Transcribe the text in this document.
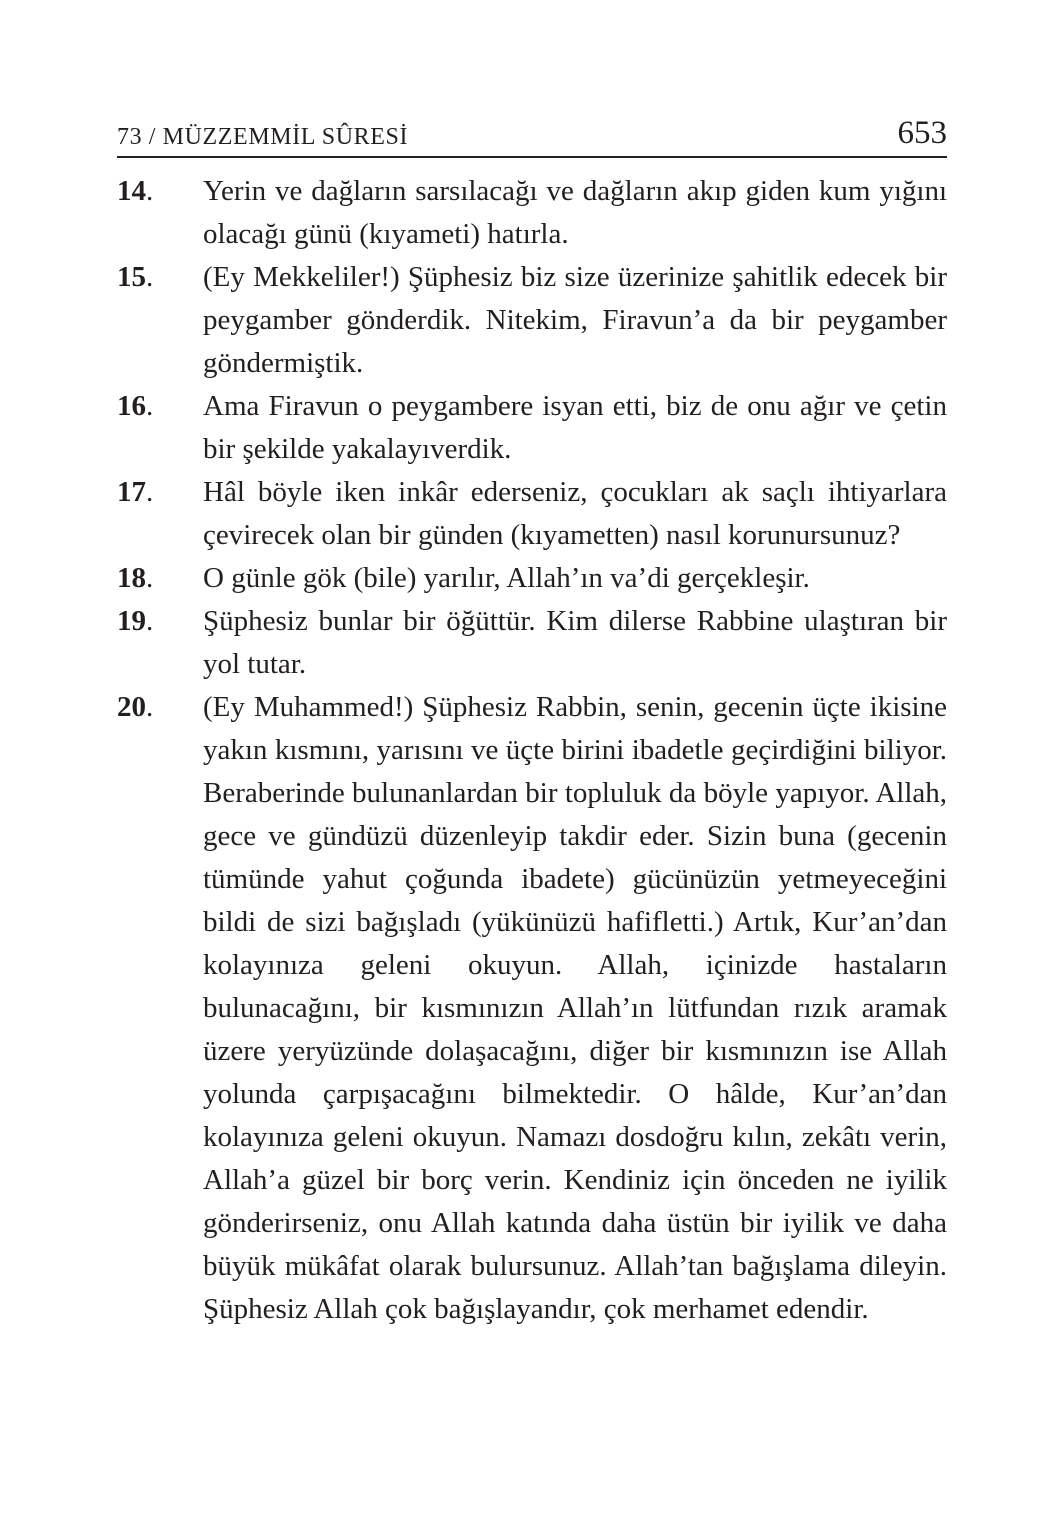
73 / MÜZZEMMİL SÛRESİ	653

14.	Yerin ve dağların sarsılacağı ve dağların akıp giden kum yığını olacağı günü (kıyameti) hatırla.

15.	(Ey Mekkeliler!) Şüphesiz biz size üzerinize şahitlik edecek bir peygamber gönderdik. Nitekim, Firavun’a da bir peygamber göndermiştik.

16.	Ama Firavun o peygambere isyan etti, biz de onu ağır ve çetin bir şekilde yakalayıverdik.

17.	Hâl böyle iken inkâr ederseniz, çocukları ak saçlı ihtiyarlara çevirecek olan bir günden (kıyametten) nasıl korunursunuz?

18.	O günle gök (bile) yarılır, Allah’ın va’di gerçekleşir.

19.	Şüphesiz bunlar bir öğüttür. Kim dilerse Rabbine ulaştıran bir yol tutar.

20.	(Ey Muhammed!) Şüphesiz Rabbin, senin, gecenin üçte ikisine yakın kısmını, yarısını ve üçte birini ibadetle geçirdiğini biliyor. Beraberinde bulunanlardan bir topluluk da böyle yapıyor. Allah, gece ve gündüzü düzenleyip takdir eder. Sizin buna (gecenin tümünde yahut çoğunda ibadete) gücünüzün yetmeyeceğini bildi de sizi bağışladı (yükünüzü hafifletti.) Artık, Kur’an’dan kolayınıza geleni okuyun. Allah, içinizde hastaların bulunacağını, bir kısmınızın Allah’ın lütfundan rızık aramak üzere yeryüzünde dolaşacağını, diğer bir kısmınızın ise Allah yolunda çarpışacağını bilmektedir. O hâlde, Kur’an’dan kolayınıza geleni okuyun. Namazı dosdoğru kılın, zekâtı verin, Allah’a güzel bir borç verin. Kendiniz için önceden ne iyilik gönderirseniz, onu Allah katında daha üstün bir iyilik ve daha büyük mükâfat olarak bulursunuz. Allah’tan bağışlama dileyin. Şüphesiz Allah çok bağışlayandır, çok merhamet edendir.
